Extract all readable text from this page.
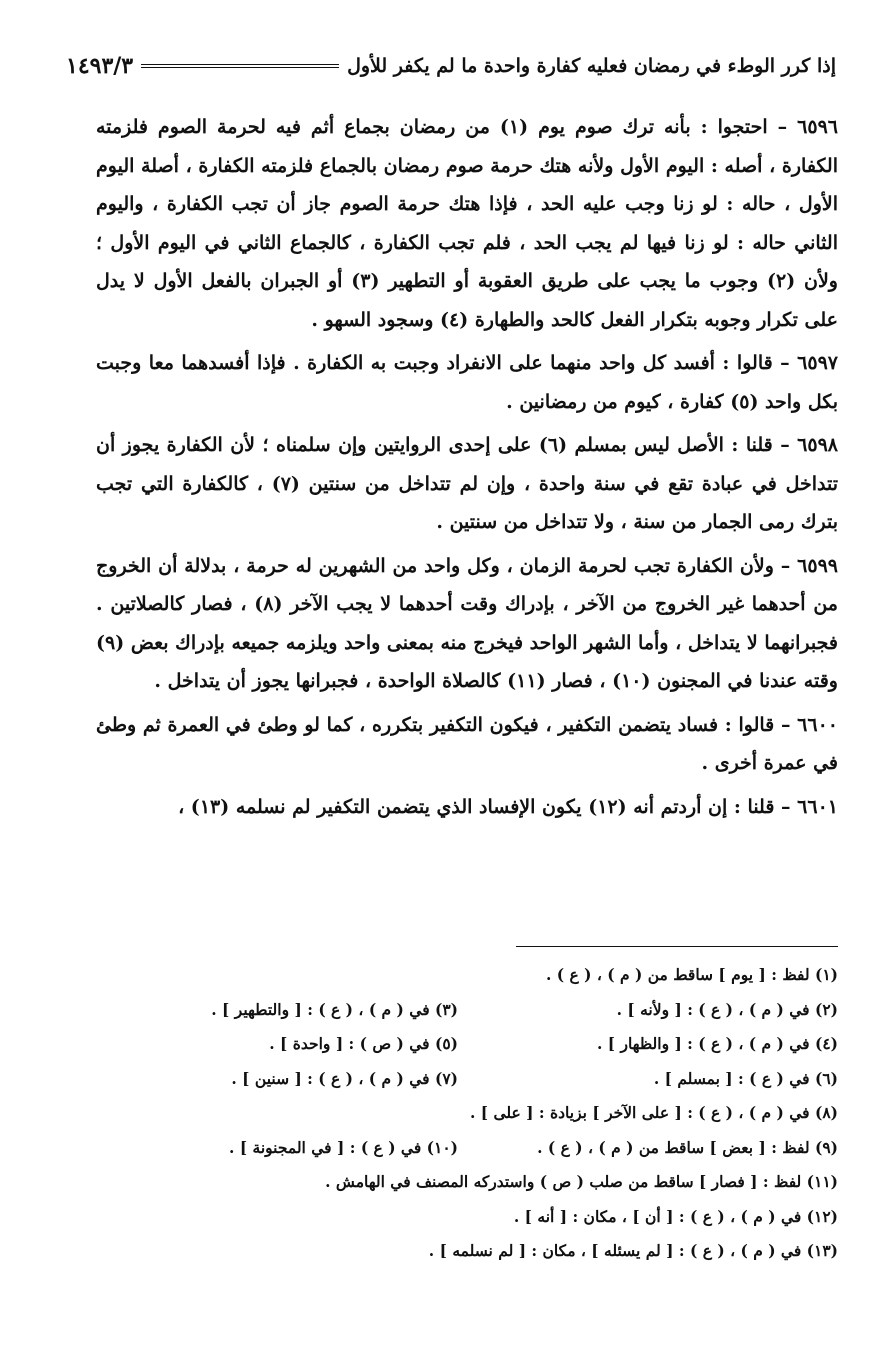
إذا كرر الوطء في رمضان فعليه كفارة واحدة ما لم يكفر للأول
١٤٩٣/٣

٦٥٩٦ – احتجوا : بأنه ترك صوم يوم (١) من رمضان بجماع أثم فيه لحرمة الصوم فلزمته الكفارة ، أصله : اليوم الأول ولأنه هتك حرمة صوم رمضان بالجماع فلزمته الكفارة ، أصلة اليوم الأول ، حاله : لو زنا وجب عليه الحد ، فإذا هتك حرمة الصوم جاز أن تجب الكفارة ، واليوم الثاني حاله : لو زنا فيها لم يجب الحد ، فلم تجب الكفارة ، كالجماع الثاني في اليوم الأول ؛ ولأن (٢) وجوب ما يجب على طريق العقوبة أو التطهير (٣) أو الجبران بالفعل الأول لا يدل على تكرار وجوبه بتكرار الفعل كالحد والطهارة (٤) وسجود السهو .

٦٥٩٧ – قالوا : أفسد كل واحد منهما على الانفراد وجبت به الكفارة . فإذا أفسدهما معا وجبت بكل واحد (٥) كفارة ، كيوم من رمضانين .

٦٥٩٨ – قلنا : الأصل ليس بمسلم (٦) على إحدى الروايتين وإن سلمناه ؛ لأن الكفارة يجوز أن تتداخل في عبادة تقع في سنة واحدة ، وإن لم تتداخل من سنتين (٧) ، كالكفارة التي تجب بترك رمى الجمار من سنة ، ولا تتداخل من سنتين .

٦٥٩٩ – ولأن الكفارة تجب لحرمة الزمان ، وكل واحد من الشهرين له حرمة ، بدلالة أن الخروج من أحدهما غير الخروج من الآخر ، بإدراك وقت أحدهما لا يجب الآخر (٨) ، فصار كالصلاتين . فجبرانهما لا يتداخل ، وأما الشهر الواحد فيخرج منه بمعنى واحد ويلزمه جميعه بإدراك بعض (٩) وقته عندنا في المجنون (١٠) ، فصار (١١) كالصلاة الواحدة ، فجبرانها يجوز أن يتداخل .

٦٦٠٠ – قالوا : فساد يتضمن التكفير ، فيكون التكفير بتكرره ، كما لو وطئ في العمرة ثم وطئ في عمرة أخرى .

٦٦٠١ – قلنا : إن أردتم أنه (١٢) يكون الإفساد الذي يتضمن التكفير لم نسلمه (١٣) ،

(١) لفظ : [ يوم ] ساقط من ( م ) ، ( ع ) .
(٢) في ( م ) ، ( ع ) : [ ولأنه ] .
(٣) في ( م ) ، ( ع ) : [ والتطهير ] .
(٤) في ( م ) ، ( ع ) : [ والظهار ] .
(٥) في ( ص ) : [ واحدة ] .
(٦) في ( ع ) : [ بمسلم ] .
(٧) في ( م ) ، ( ع ) : [ سنين ] .
(٨) في ( م ) ، ( ع ) : [ على الآخر ] بزيادة : [ على ] .
(٩) لفظ : [ بعض ] ساقط من ( م ) ، ( ع ) .
(١٠) في ( ع ) : [ في المجنونة ] .
(١١) لفظ : [ فصار ] ساقط من صلب ( ص ) واستدركه المصنف في الهامش .
(١٢) في ( م ) ، ( ع ) : [ أن ] ، مكان : [ أنه ] .
(١٣) في ( م ) ، ( ع ) : [ لم يسئله ] ، مكان : [ لم نسلمه ] .
